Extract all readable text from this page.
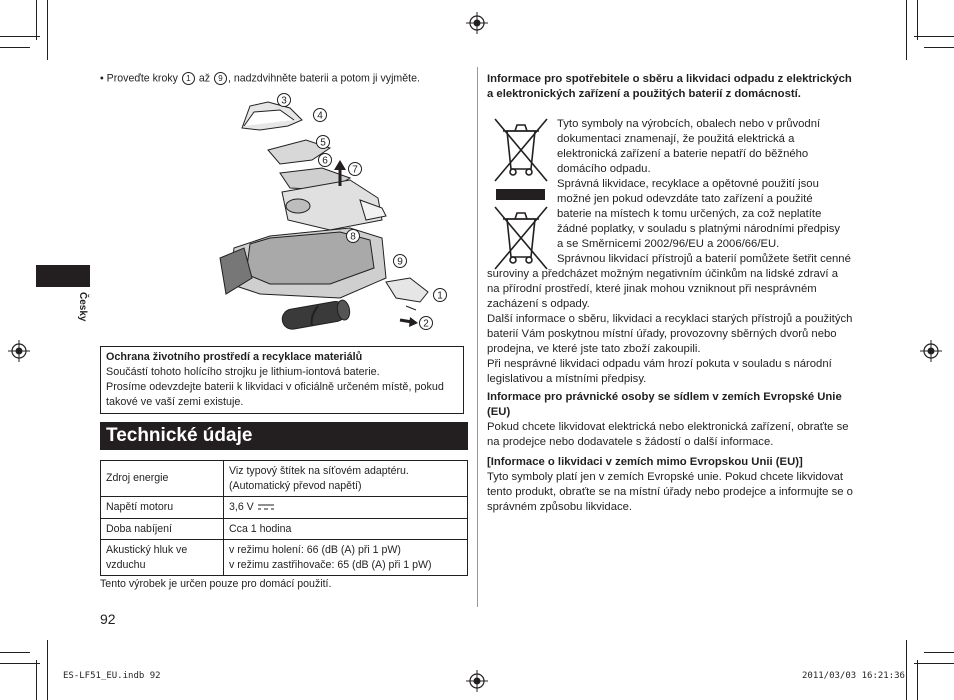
Česky
• Proveďte kroky 1 až 9 , nadzdvihněte baterii a potom ji vyjměte.
3
4
5
6
7
8
9
1
2
Ochrana životního prostředí a recyklace materiálů
Součástí tohoto holícího strojku je lithium-iontová baterie.
Prosíme odevzdejte baterii k likvidaci v oficiálně určeném místě, pokud takové ve vaší zemi existuje.
Technické údaje
Zdroj energie	Viz typový štítek na síťovém adaptéru.
(Automatický převod napětí)
Napětí motoru	3,6 V
Doba nabíjení	Cca 1 hodina
Akustický hluk ve vzduchu	v režimu holení: 66 (dB (A) při 1 pW)
v režimu zastřihovače: 65 (dB (A) při 1 pW)
Tento výrobek je určen pouze pro domácí použití.
92
Informace pro spotřebitele o sběru a likvidaci odpadu z elektrických a elektronických zařízení a použitých baterií z domácností.
Tyto symboly na výrobcích, obalech nebo v průvodní dokumentaci znamenají, že použitá elektrická a elektronická zařízení a baterie nepatří do běžného domácího odpadu.
Správná likvidace, recyklace a opětovné použití jsou možné jen pokud odevzdáte tato zařízení a použité baterie na místech k tomu určených, za což neplatíte žádné poplatky, v souladu s platnými národními předpisy a se Směrnicemi 2002/96/EU a 2006/66/EU.
Správnou likvidací přístrojů a baterií pomůžete šetřit cenné suroviny a předcházet možným negativním účinkům na lidské zdraví a na přírodní prostředí, které jinak mohou vzniknout při nesprávném zacházení s odpady.
Další informace o sběru, likvidaci a recyklaci starých přístrojů a použitých baterií Vám poskytnou místní úřady, provozovny sběrných dvorů nebo prodejna, ve které jste tato zboží zakoupili.
Při nesprávné likvidaci odpadu vám hrozí pokuta v souladu s národní legislativou a místními předpisy.
Informace pro právnické osoby se sídlem v zemích Evropské Unie (EU)
Pokud chcete likvidovat elektrická nebo elektronická zařízení, obraťte se na prodejce nebo dodavatele s žádostí o další informace.
[Informace o likvidaci v zemích mimo Evropskou Unii (EU)]
Tyto symboly platí jen v zemích Evropské unie. Pokud chcete likvidovat tento produkt, obraťte se na místní úřady nebo prodejce a informujte se o správném způsobu likvidace.
ES-LF51_EU.indb 92	2011/03/03 16:21:36
